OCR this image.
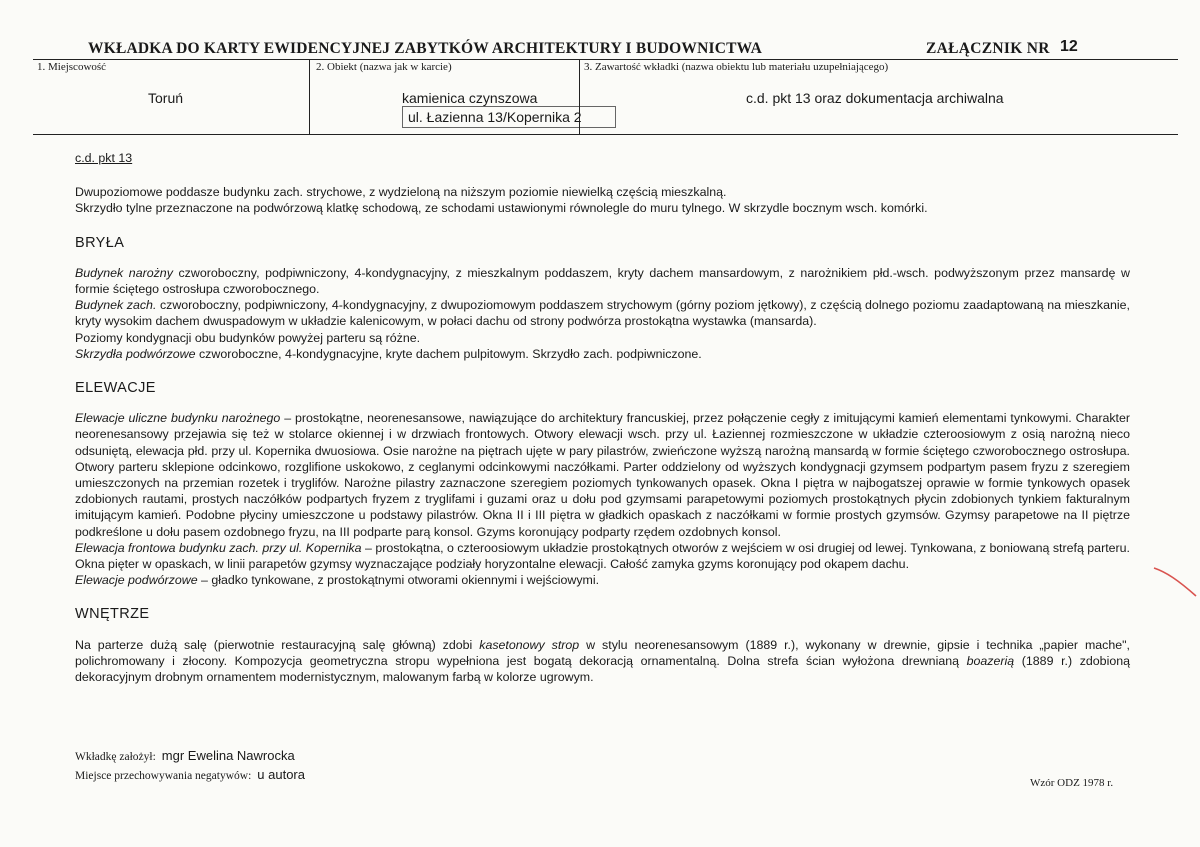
WKŁADKA DO KARTY EWIDENCYJNEJ ZABYTKÓW ARCHITEKTURY I BUDOWNICTWA	ZAŁĄCZNIK NR 12
1. Miejscowość
Toruń
2. Obiekt (nazwa jak w karcie)
kamienica czynszowa
ul. Łazienna 13/Kopernika 2
3. Zawartość wkładki (nazwa obiektu lub materiału uzupełniającego)
c.d. pkt 13 oraz dokumentacja archiwalna

c.d. pkt 13

Dwupoziomowe poddasze budynku zach. strychowe, z wydzieloną na niższym poziomie niewielką częścią mieszkalną.

Skrzydło tylne przeznaczone na podwórzową klatkę schodową, ze schodami ustawionymi równolegle do muru tylnego. W skrzydle bocznym wsch. komórki.

BRYŁA

Budynek narożny czworoboczny, podpiwniczony, 4-kondygnacyjny, z mieszkalnym poddaszem, kryty dachem mansardowym, z narożnikiem płd.-wsch. podwyższonym przez mansardę w formie ściętego ostrosłupa czworobocznego.

Budynek zach. czworoboczny, podpiwniczony, 4-kondygnacyjny, z dwupoziomowym poddaszem strychowym (górny poziom jętkowy), z częścią dolnego poziomu zaadaptowaną na mieszkanie, kryty wysokim dachem dwuspadowym w układzie kalenicowym, w połaci dachu od strony podwórza prostokątna wystawka (mansarda).

Poziomy kondygnacji obu budynków powyżej parteru są różne.

Skrzydła podwórzowe czworoboczne, 4-kondygnacyjne, kryte dachem pulpitowym. Skrzydło zach. podpiwniczone.

ELEWACJE

Elewacje uliczne budynku narożnego – prostokątne, neorenesansowe, nawiązujące do architektury francuskiej, przez połączenie cegły z imitującymi kamień elementami tynkowymi. Charakter neorenesansowy przejawia się też w stolarce okiennej i w drzwiach frontowych. Otwory elewacji wsch. przy ul. Łaziennej rozmieszczone w układzie czteroosiowym z osią narożną nieco odsuniętą, elewacja płd. przy ul. Kopernika dwuosiowa. Osie narożne na piętrach ujęte w pary pilastrów, zwieńczone wyższą narożną mansardą w formie ściętego czworobocznego ostrosłupa. Otwory parteru sklepione odcinkowo, rozglifione uskokowo, z ceglanymi odcinkowymi naczółkami. Parter oddzielony od wyższych kondygnacji gzymsem podpartym pasem fryzu z szeregiem umieszczonych na przemian rozetek i tryglifów. Narożne pilastry zaznaczone szeregiem poziomych tynkowanych opasek. Okna I piętra w najbogatszej oprawie w formie tynkowych opasek zdobionych rautami, prostych naczółków podpartych fryzem z tryglifami i guzami oraz u dołu pod gzymsami parapetowymi poziomych prostokątnych płycin zdobionych tynkiem fakturalnym imitującym kamień. Podobne płyciny umieszczone u podstawy pilastrów. Okna II i III piętra w gładkich opaskach z naczółkami w formie prostych gzymsów. Gzymsy parapetowe na II piętrze podkreślone u dołu pasem ozdobnego fryzu, na III podparte parą konsol. Gzyms koronujący podparty rzędem ozdobnych konsol.

Elewacja frontowa budynku zach. przy ul. Kopernika – prostokątna, o czteroosiowym układzie prostokątnych otworów z wejściem w osi drugiej od lewej. Tynkowana, z boniowaną strefą parteru. Okna pięter w opaskach, w linii parapetów gzymsy wyznaczające podziały horyzontalne elewacji. Całość zamyka gzyms koronujący pod okapem dachu.

Elewacje podwórzowe – gładko tynkowane, z prostokątnymi otworami okiennymi i wejściowymi.

WNĘTRZE

Na parterze dużą salę (pierwotnie restauracyjną salę główną) zdobi kasetonowy strop w stylu neorenesansowym (1889 r.), wykonany w drewnie, gipsie i technika „papier mache", polichromowany i złocony. Kompozycja geometryczna stropu wypełniona jest bogatą dekoracją ornamentalną. Dolna strefa ścian wyłożona drewnianą boazerią (1889 r.) zdobioną dekoracyjnym drobnym ornamentem modernistycznym, malowanym farbą w kolorze ugrowym.

Wkładkę założył: mgr Ewelina Nawrocka
Miejsce przechowywania negatywów: u autora
Wzór ODZ 1978 r.
